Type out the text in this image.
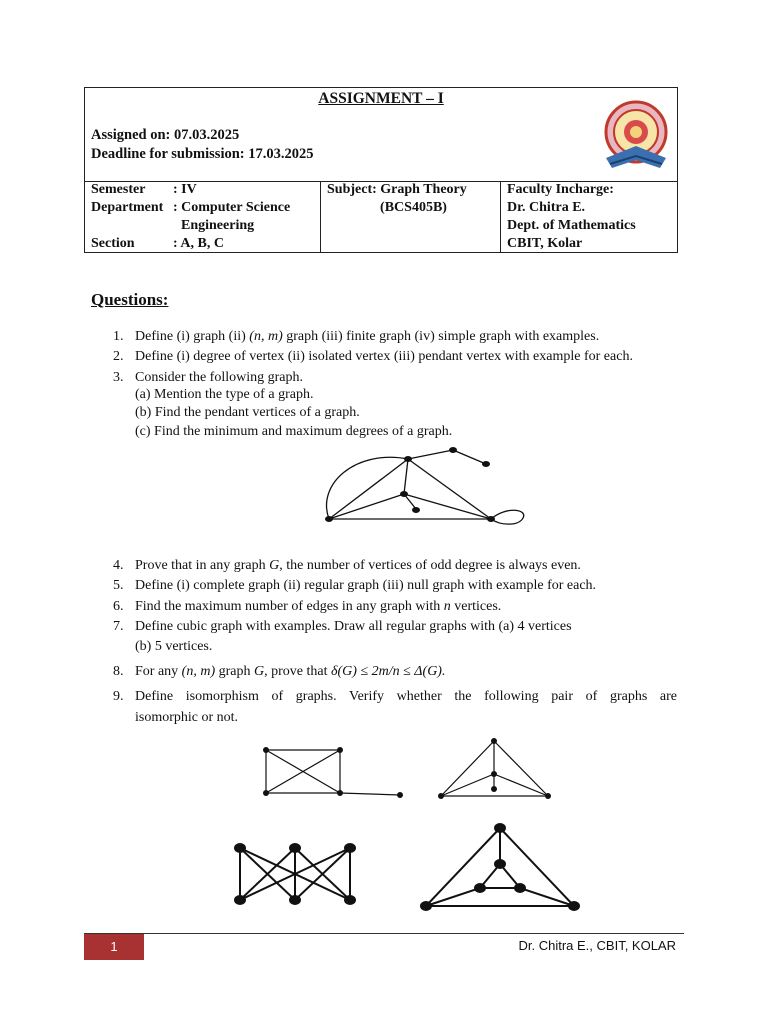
ASSIGNMENT – I
Assigned on: 07.03.2025
Deadline for submission: 17.03.2025
Semester : IV
Department : Computer Science
Engineering
Section	: A, B, C
Subject: Graph Theory
(BCS405B)
Faculty Incharge:
Dr. Chitra E.
Dept. of Mathematics
CBIT, Kolar
Questions:
1. Define (i) graph (ii) (n, m) graph (iii) finite graph (iv) simple graph with examples.
2. Define (i) degree of vertex (ii) isolated vertex (iii) pendant vertex with example for each.
3. Consider the following graph.
(a) Mention the type of a graph.
(b) Find the pendant vertices of a graph.
(c) Find the minimum and maximum degrees of a graph.
4. Prove that in any graph G, the number of vertices of odd degree is always even.
5. Define (i) complete graph (ii) regular graph (iii) null graph with example for each.
6. Find the maximum number of edges in any graph with n vertices.
7. Define cubic graph with examples. Draw all regular graphs with (a) 4 vertices
(b) 5 vertices.
8. For any (n, m) graph G, prove that δ(G) ≤ 2m/n ≤ Δ(G).
9. Define isomorphism of graphs. Verify whether the following pair of graphs are
isomorphic or not.
1	Dr. Chitra E., CBIT, KOLAR
